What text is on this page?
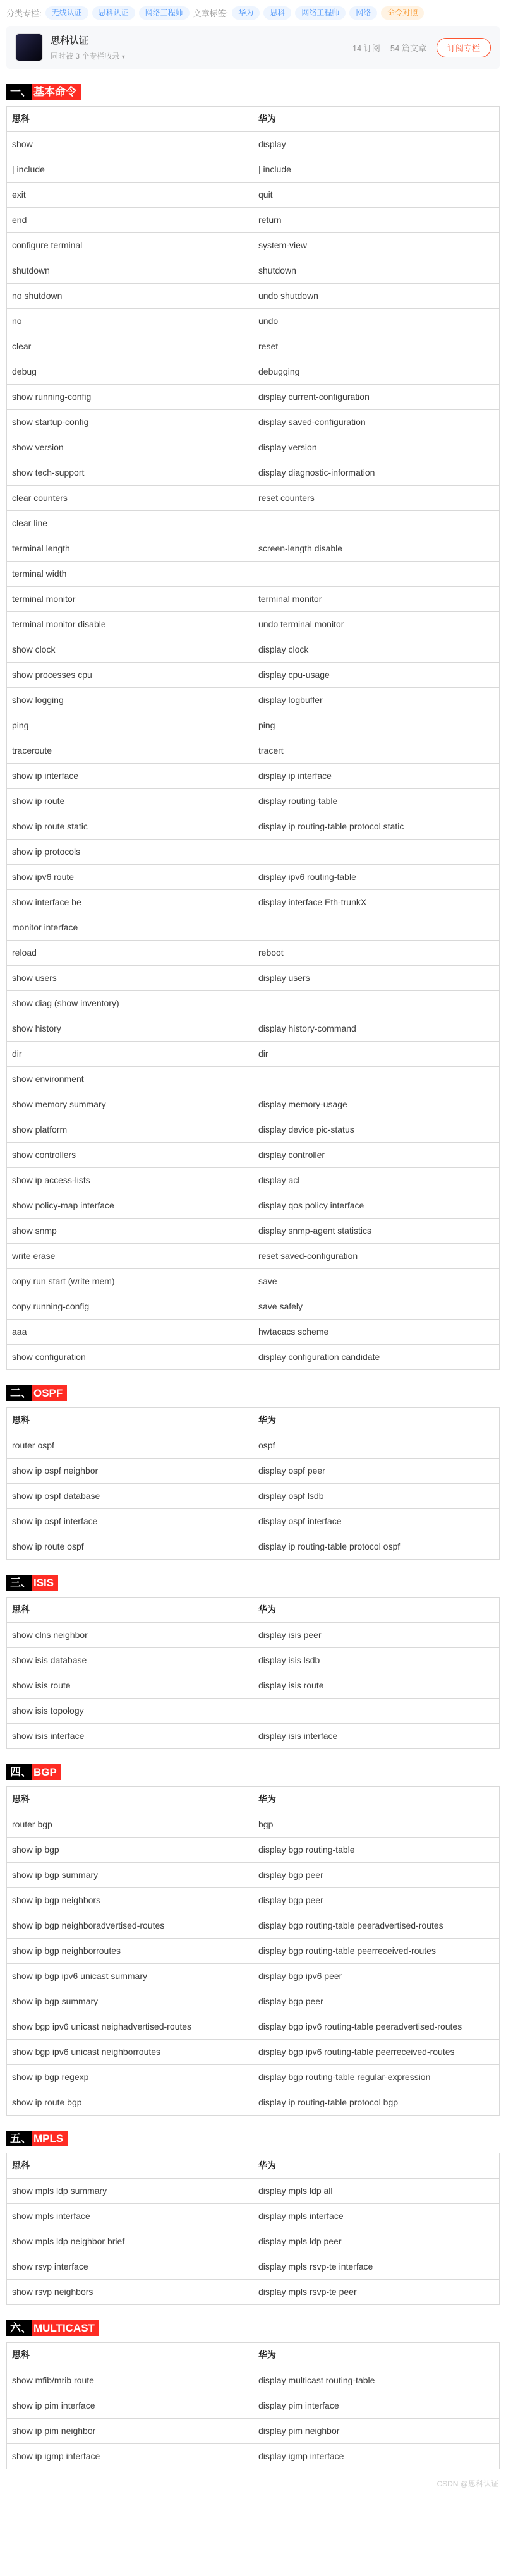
分类专栏:	无线认证	思科认证	网络工程师	文章标签:	华为	思科	网络工程师	网络	命令对照
思科认证
同时被 3 个专栏收录 ▾
14 订阅 54 篇文章	订阅专栏
一、 基本命令
思科	华为
show	display
| include	| include
exit	quit
end	return
configure terminal	system-view
shutdown	shutdown
no shutdown	undo shutdown
no	undo
clear	reset
debug	debugging
show running-config	display current-configuration
show startup-config	display saved-configuration
show version	display version
show tech-support	display diagnostic-information
clear counters	reset counters
clear line	
terminal length	screen-length disable
terminal width	
terminal monitor	terminal monitor
terminal monitor disable	undo terminal monitor
show clock	display clock
show processes cpu	display cpu-usage
show logging	display logbuffer
ping	ping
traceroute	tracert
show ip interface	display ip interface
show ip route	display routing-table
show ip route static	display ip routing-table protocol static
show ip protocols	
show ipv6 route	display ipv6 routing-table
show interface be	display interface Eth-trunkX
monitor interface	
reload	reboot
show users	display users
show diag (show inventory)	
show history	display history-command
dir	dir
show environment	
show memory summary	display memory-usage
show platform	display device pic-status
show controllers	display controller
show ip access-lists	display acl
show policy-map interface	display qos policy interface
show snmp	display snmp-agent statistics
write erase	reset saved-configuration
copy run start (write mem)	save
copy running-config	save safely
aaa	hwtacacs scheme
show configuration	display configuration candidate
二、 OSPF
思科	华为
router ospf	ospf
show ip ospf neighbor	display ospf peer
show ip ospf database	display ospf lsdb
show ip ospf interface	display ospf interface
show ip route ospf	display ip routing-table protocol ospf
三、 ISIS
思科	华为
show clns neighbor	display isis peer
show isis database	display isis lsdb
show isis route	display isis route
show isis topology	
show isis interface	display isis interface
四、 BGP
思科	华为
router bgp	bgp
show ip bgp	display bgp routing-table
show ip bgp summary	display bgp peer
show ip bgp neighbors	display bgp peer
show ip bgp neighboradvertised-routes	display bgp routing-table peeradvertised-routes
show ip bgp neighborroutes	display bgp routing-table peerreceived-routes
show ip bgp ipv6 unicast summary	display bgp ipv6 peer
show ip bgp summary	display bgp peer
show bgp ipv6 unicast neighadvertised-routes	display bgp ipv6 routing-table peeradvertised-routes
show bgp ipv6 unicast neighborroutes	display bgp ipv6 routing-table peerreceived-routes
show ip bgp regexp	display bgp routing-table regular-expression
show ip route bgp	display ip routing-table protocol bgp
五、 MPLS
思科	华为
show mpls ldp summary	display mpls ldp all
show mpls interface	display mpls interface
show mpls ldp neighbor brief	display mpls ldp peer
show rsvp interface	display mpls rsvp-te interface
show rsvp neighbors	display mpls rsvp-te peer
六、 MULTICAST
思科	华为
show mfib/mrib route	display multicast routing-table
show ip pim interface	display pim interface
show ip pim neighbor	display pim neighbor
show ip igmp interface	display igmp interface
CSDN @思科认证
